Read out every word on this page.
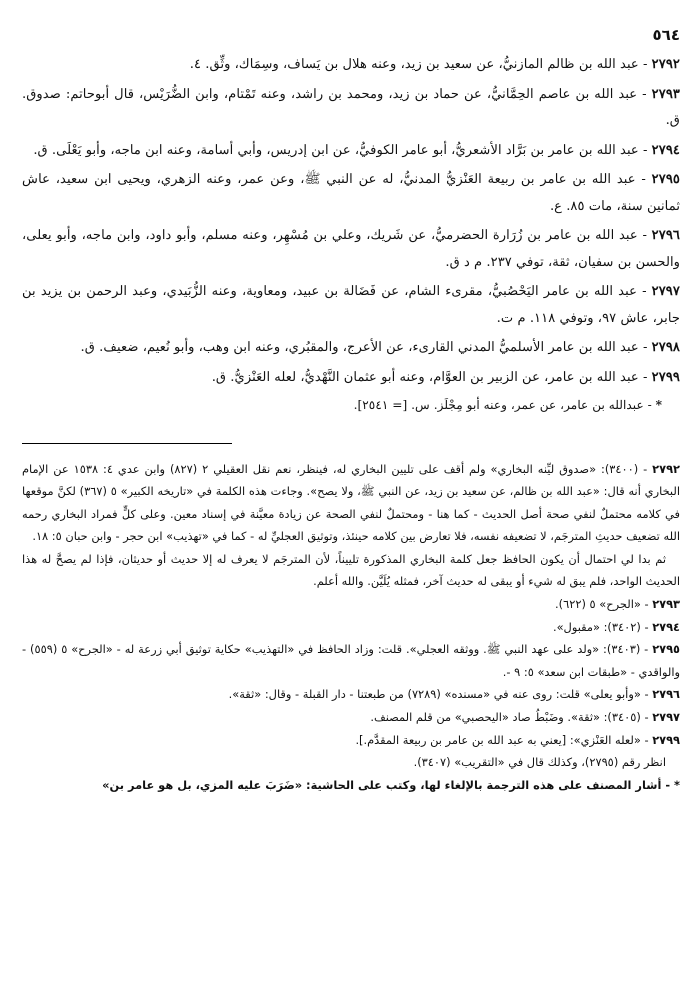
٥٦٤

٢٧٩٢ - عبد الله بن ظالم المازنيُّ، عن سعيد بن زيد، وعنه هلال بن يَساف، وسِمَاك، وثِّق. ٤.

٢٧٩٣ - عبد الله بن عاصم الحِمَّانيُّ، عن حماد بن زيد، ومحمد بن راشد، وعنه تَمْتام، وابن الضُّرَيْس، قال أبوحاتم: صدوق. ق.

٢٧٩٤ - عبد الله بن عامر بن بَرَّاد الأشعريُّ، أبو عامر الكوفيُّ، عن ابن إدريس، وأبي أسامة، وعنه ابن ماجه، وأبو يَعْلَى. ق.

٢٧٩٥ - عبد الله بن عامر بن ربيعة العَنْزيُّ المدنيُّ، له عن النبي ﷺ، وعن عمر، وعنه الزهري، ويحيى ابن سعيد، عاش ثمانين سنة، مات ٨٥. ع.

٢٧٩٦ - عبد الله بن عامر بن زُرَارة الحضرميُّ، عن شَريك، وعلي بن مُسْهِر، وعنه مسلم، وأبو داود، وابن ماجه، وأبو يعلى، والحسن بن سفيان، ثقة، توفي ٢٣٧. م د ق.

٢٧٩٧ - عبد الله بن عامر اليَحْصُبيُّ، مقرىء الشام، عن فَضَالة بن عبيد، ومعاوية، وعنه الزُّبَيدي، وعبد الرحمن بن يزيد بن جابر، عاش ٩٧، وتوفي ١١٨. م ت.

٢٧٩٨ - عبد الله بن عامر الأسلميُّ المدني القارىء، عن الأعرج، والمقبُري، وعنه ابن وهب، وأبو نُعيم، ضعيف. ق.

٢٧٩٩ - عبد الله بن عامر، عن الزبير بن العوَّام، وعنه أبو عثمان النَّهْديُّ، لعله العَنْزيُّ. ق.

* - عبدالله بن عامر، عن عمر، وعنه أبو مِجْلَز. س. [= ٢٥٤١].

٢٧٩٢ - (٣٤٠٠): «صدوق ليِّنه البخاري» ولم أقف على تليين البخاري له، فينظر، نعم نقل العقيلي ٢ (٨٢٧) وابن عدي ٤: ١٥٣٨ عن الإمام البخاري أنه قال: «عبد الله بن ظالم، عن سعيد بن زيد، عن النبي ﷺ، ولا يصح». وجاءت هذه الكلمة في «تاريخه الكبير» ٥ (٣٦٧) لكنَّ موقعها في كلامه محتملٌ لنفي صحة أصل الحديث - كما هنا - ومحتملٌ لنفي الصحة عن زيادة معيَّنة في إسناد معين. وعلى كلٍّ فمراد البخاري رحمه الله تضعيف حديثِ المترجَم، لا تضعيفه نفسه، فلا تعارض بين كلامه حينئذ، وتوثيق العجليِّ له - كما في «تهذيب» ابن حجر - وابن حبان ٥: ١٨.

ثم بدا لي احتمال أن يكون الحافظ جعل كلمة البخاري المذكورة تلييناً، لأن المترجَم لا يعرف له إلا حديث أو حديثان، فإذا لم يصحَّ له هذا الحديث الواحد، فلم يبق له شيء أو يبقى له حديث آخر، فمثله يُلَيَّن. والله أعلم.

٢٧٩٣ - «الجرح» ٥ (٦٢٢).

٢٧٩٤ - (٣٤٠٢): «مقبول».

٢٧٩٥ - (٣٤٠٣): «ولد على عهد النبي ﷺ. ووثقه العجلي». قلت: وزاد الحافظ في «التهذيب» حكاية توثيق أبي زرعة له - «الجرح» ٥ (٥٥٩) - والواقدي - «طبقات ابن سعد» ٥: ٩ -.

٢٧٩٦ - «وأبو يعلى» قلت: روى عنه في «مسنده» (٧٢٨٩) من طبعتنا - دار القبلة - وقال: «ثقة».

٢٧٩٧ - (٣٤٠٥): «ثقة». وضَبْطُ صاد «اليحصبي» من قلم المصنف.

٢٧٩٩ - «لعله العَنْزي»: [يعني به عبد الله بن عامر بن ربيعة المقدَّم.].

انظر رقم (٢٧٩٥)، وكذلك قال في «التقريب» (٣٤٠٧).

* - أشار المصنف على هذه الترجمة بالإلغاء لها، وكتب على الحاشية: «ضَرَبَ عليه المزي، بل هو عامر بن»
